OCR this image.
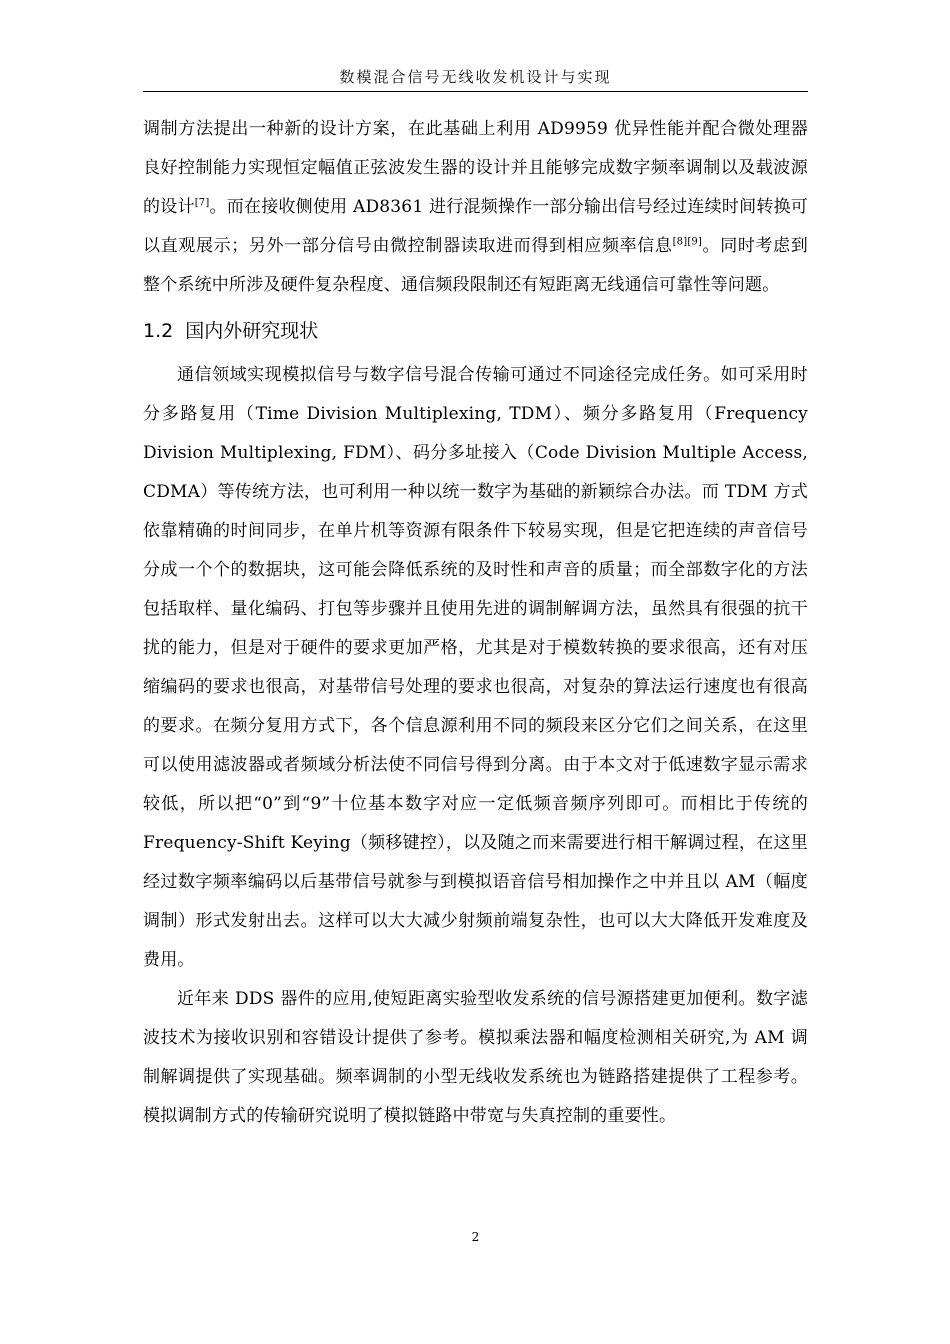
数模混合信号无线收发机设计与实现

调制方法提出一种新的设计方案，在此基础上利用 AD9959 优异性能并配合微处理器良好控制能力实现恒定幅值正弦波发生器的设计并且能够完成数字频率调制以及载波源的设计[7]。而在接收侧使用 AD8361 进行混频操作一部分输出信号经过连续时间转换可以直观展示；另外一部分信号由微控制器读取进而得到相应频率信息[8][9]。同时考虑到整个系统中所涉及硬件复杂程度、通信频段限制还有短距离无线通信可靠性等问题。

1.2 国内外研究现状

通信领域实现模拟信号与数字信号混合传输可通过不同途径完成任务。如可采用时分多路复用（Time Division Multiplexing, TDM）、频分多路复用（Frequency Division Multiplexing, FDM）、码分多址接入（Code Division Multiple Access, CDMA）等传统方法，也可利用一种以统一数字为基础的新颖综合办法。而 TDM 方式依靠精确的时间同步，在单片机等资源有限条件下较易实现，但是它把连续的声音信号分成一个个的数据块，这可能会降低系统的及时性和声音的质量；而全部数字化的方法包括取样、量化编码、打包等步骤并且使用先进的调制解调方法，虽然具有很强的抗干扰的能力，但是对于硬件的要求更加严格，尤其是对于模数转换的要求很高，还有对压缩编码的要求也很高，对基带信号处理的要求也很高，对复杂的算法运行速度也有很高的要求。在频分复用方式下，各个信息源利用不同的频段来区分它们之间关系，在这里可以使用滤波器或者频域分析法使不同信号得到分离。由于本文对于低速数字显示需求较低，所以把“0”到“9”十位基本数字对应一定低频音频序列即可。而相比于传统的 Frequency-Shift Keying（频移键控），以及随之而来需要进行相干解调过程，在这里经过数字频率编码以后基带信号就参与到模拟语音信号相加操作之中并且以 AM（幅度调制）形式发射出去。这样可以大大减少射频前端复杂性，也可以大大降低开发难度及费用。

近年来 DDS 器件的应用,使短距离实验型收发系统的信号源搭建更加便利。数字滤波技术为接收识别和容错设计提供了参考。模拟乘法器和幅度检测相关研究,为 AM 调制解调提供了实现基础。频率调制的小型无线收发系统也为链路搭建提供了工程参考。模拟调制方式的传输研究说明了模拟链路中带宽与失真控制的重要性。

2
